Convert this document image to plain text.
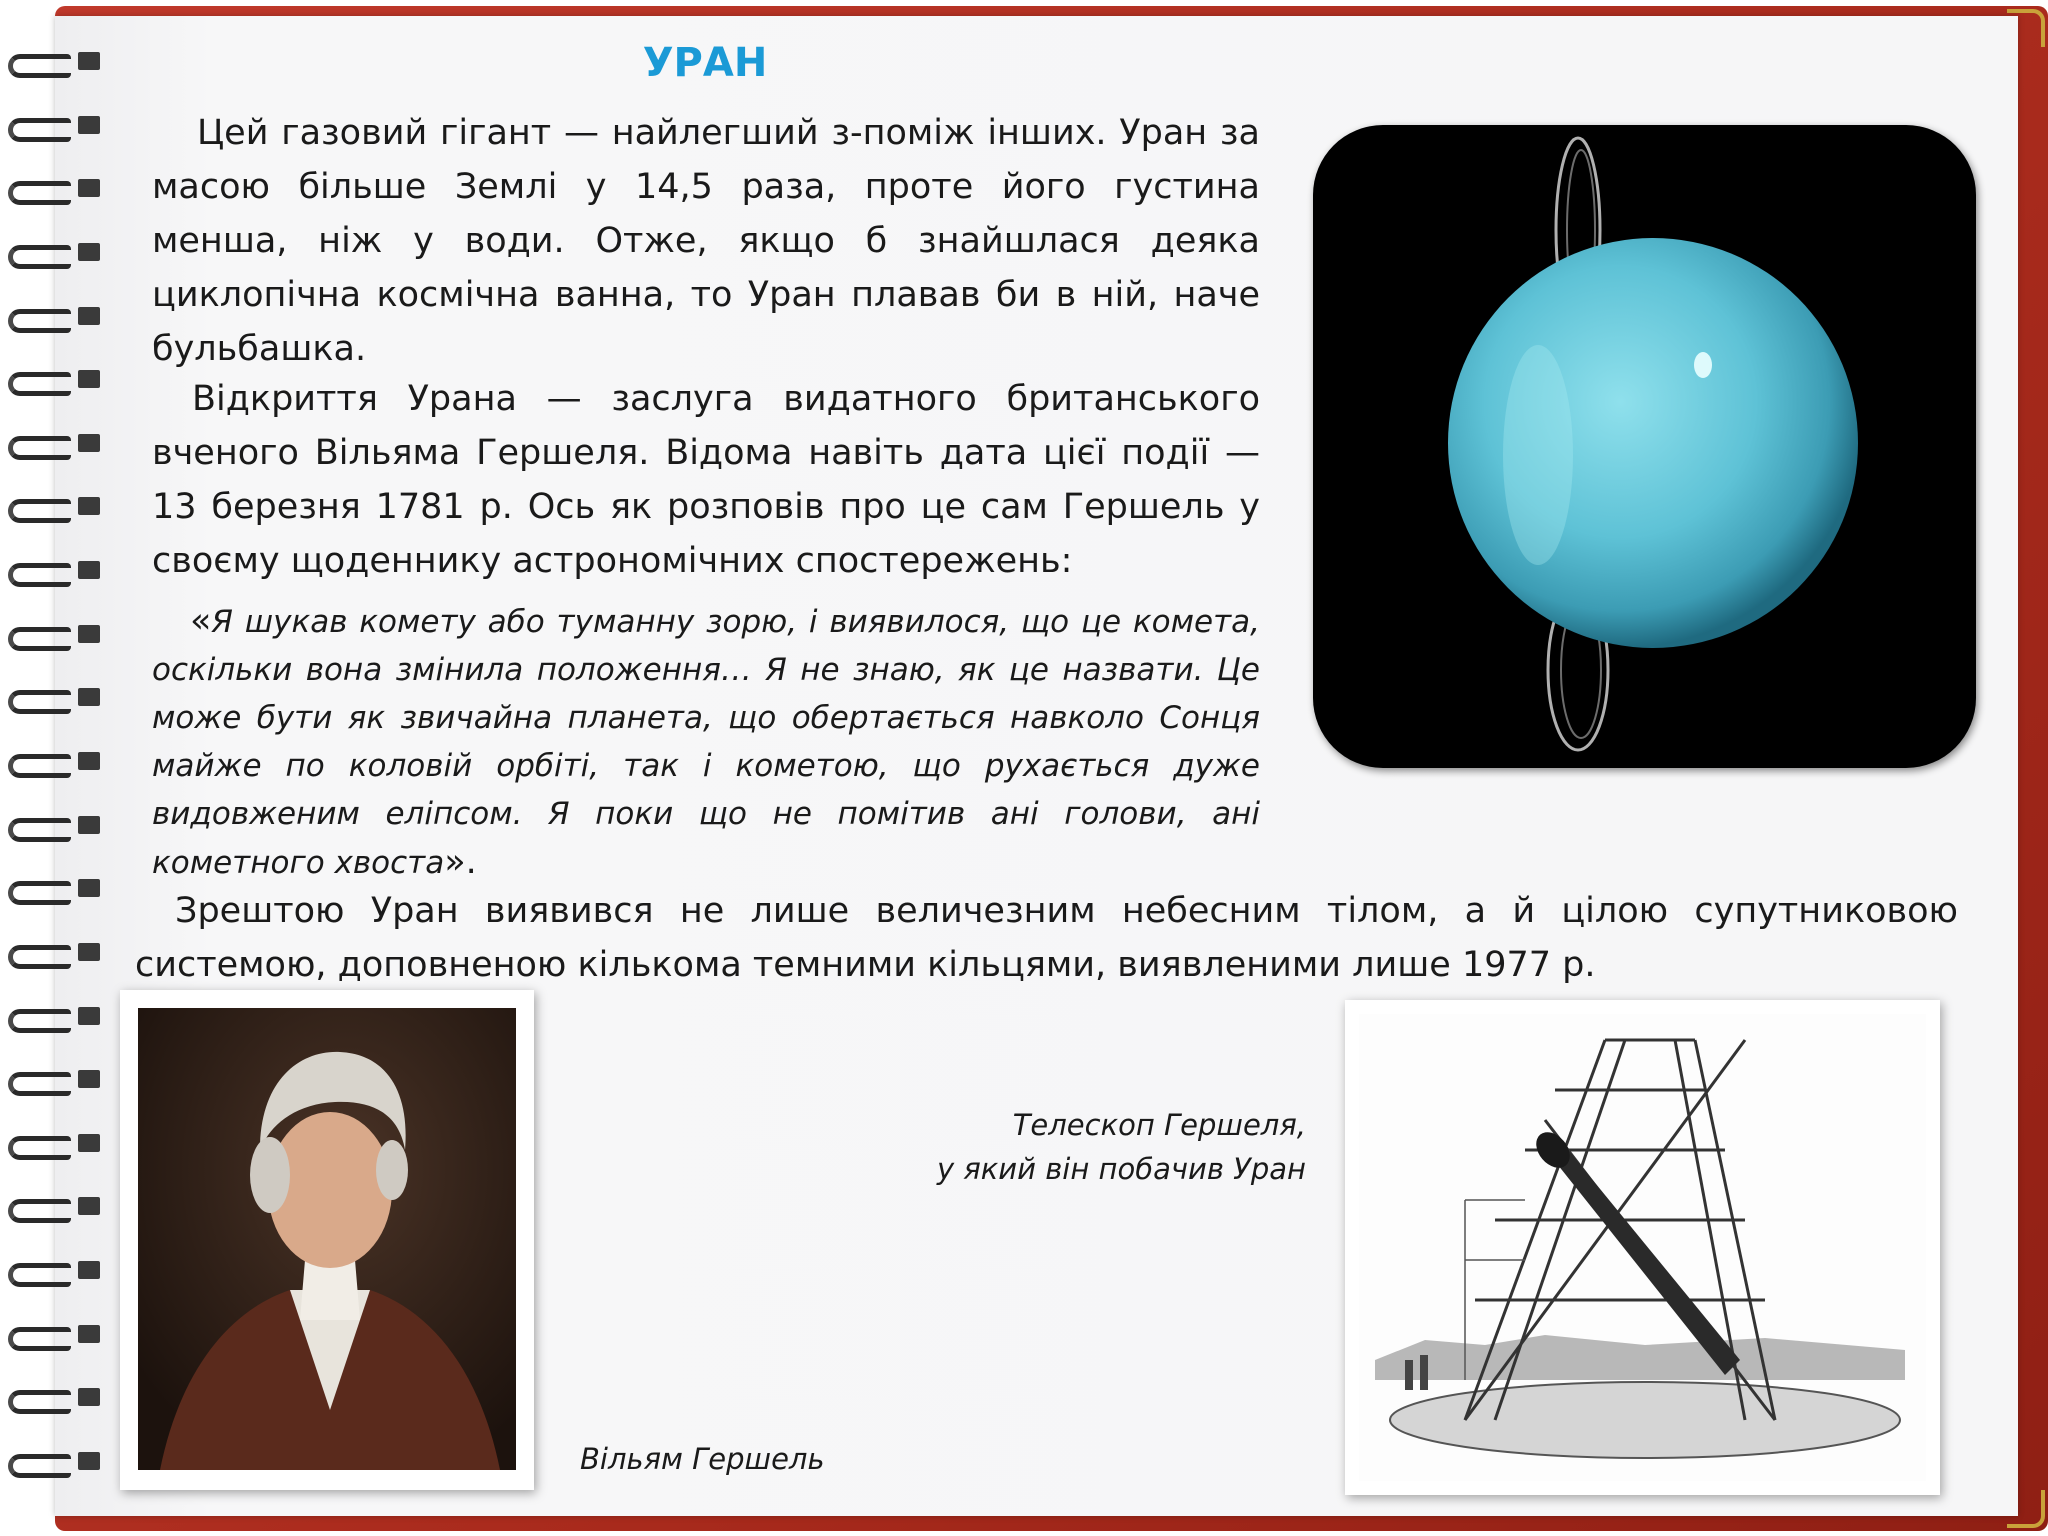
УРАН
Цей газовий гігант — найлегший з-поміж інших. Уран за масою більше Землі у 14,5 раза, проте його густина менша, ніж у води. Отже, якщо б знайшлася деяка циклопічна космічна ванна, то Уран плавав би в ній, наче бульбашка.
Відкриття Урана — заслуга видатного британського вченого Вільяма Гершеля. Відома навіть дата цієї події — 13 березня 1781 р. Ось як розповів про це сам Гершель у своєму щоденнику астрономічних спостережень:
«Я шукав комету або туманну зорю, і виявилося, що це комета, оскільки вона змінила положення… Я не знаю, як це назвати. Це може бути як звичайна планета, що обертається навколо Сонця майже по коловій орбіті, так і кометою, що рухається дуже видовженим еліпсом. Я поки що не помітив ані голови, ані кометного хвоста».
Зрештою Уран виявився не лише величезним небесним тілом, а й цілою супутниковою системою, доповненою кількома темними кільцями, виявленими лише 1977 р.
Телескоп Гершеля,
у який він побачив Уран
Вільям Гершель
